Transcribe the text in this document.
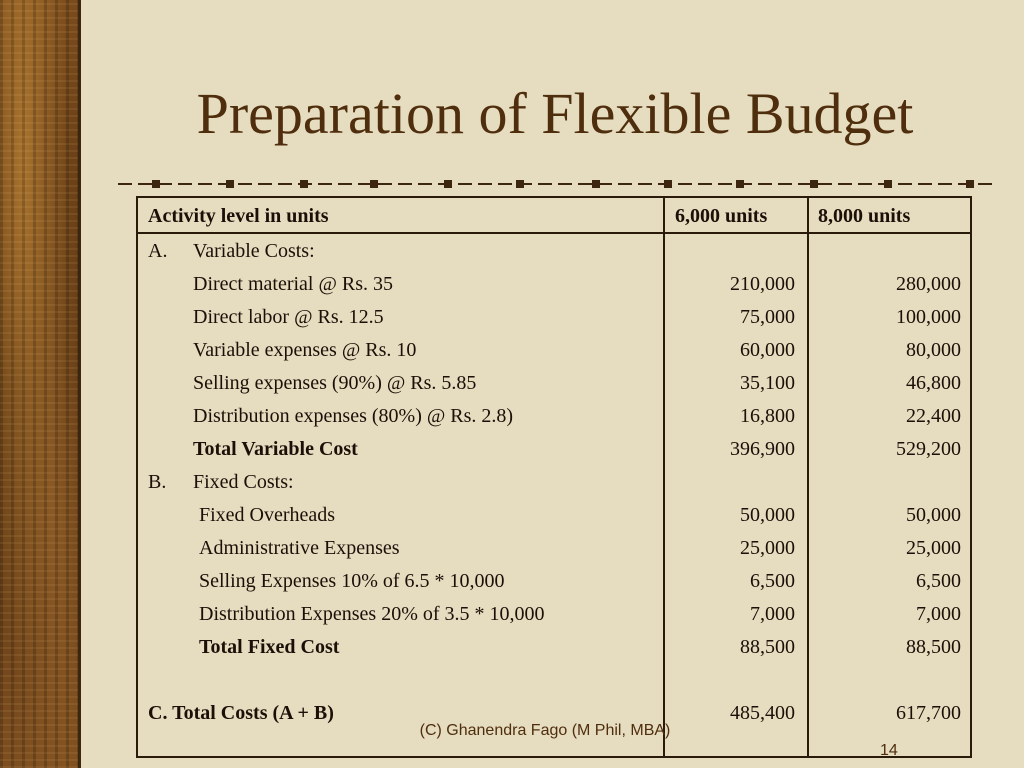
Preparation of Flexible Budget
Activity level in units	6,000 units	8,000 units
A. Variable Costs:
Direct material @ Rs. 35	210,000	280,000
Direct labor @ Rs. 12.5	75,000	100,000
Variable expenses @ Rs. 10	60,000	80,000
Selling expenses (90%) @ Rs. 5.85	35,100	46,800
Distribution expenses (80%) @ Rs. 2.8)	16,800	22,400
Total Variable Cost	396,900	529,200
B. Fixed Costs:
Fixed Overheads	50,000	50,000
Administrative Expenses	25,000	25,000
Selling Expenses 10% of 6.5 * 10,000	6,500	6,500
Distribution Expenses 20% of 3.5 * 10,000	7,000	7,000
Total Fixed Cost	88,500	88,500
C. Total Costs (A + B)	485,400	617,700
(C) Ghanendra Fago (M Phil, MBA)
14
